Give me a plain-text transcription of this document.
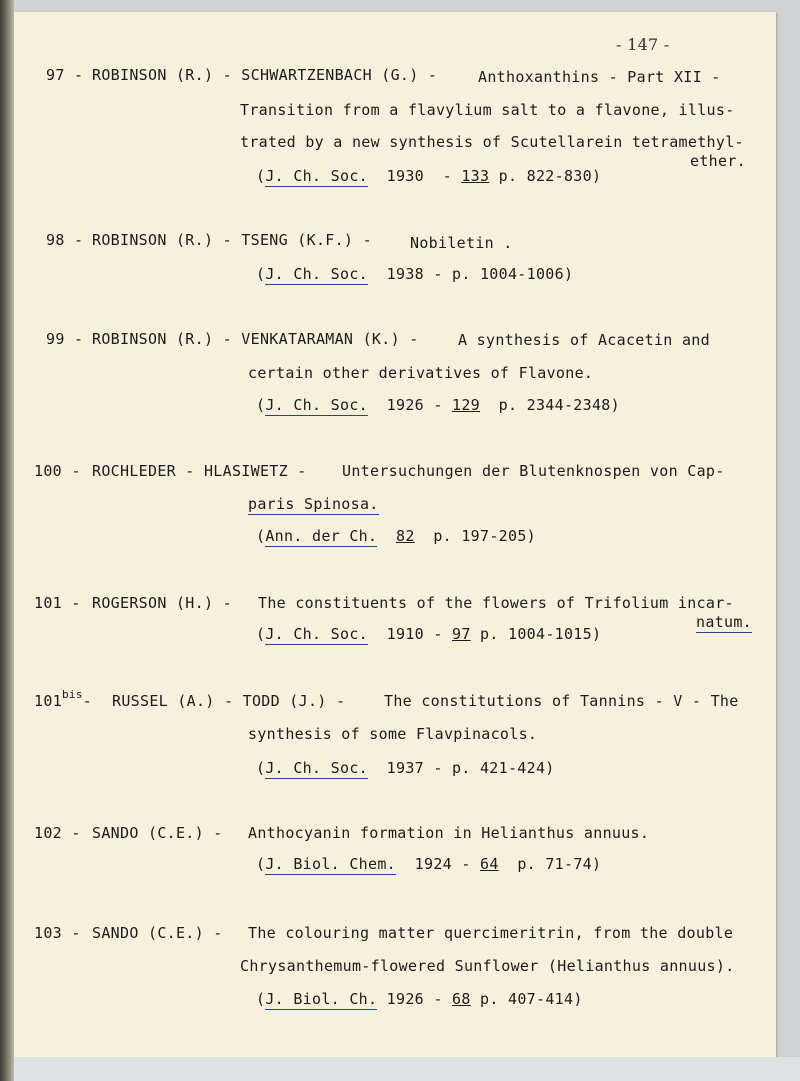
- 147 -
97 - ROBINSON (R.) - SCHWARTZENBACH (G.) -	Anthoxanthins - Part XII -
Transition from a flavylium salt to a flavone, illus-
trated by a new synthesis of Scutellarein tetramethyl-
ether.
(J. Ch. Soc. 1930  - 133 p. 822-830)
98 - ROBINSON (R.) - TSENG (K.F.) -	Nobiletin .
(J. Ch. Soc. 1938 - p. 1004-1006)
99 - ROBINSON (R.) - VENKATARAMAN (K.) -	A synthesis of Acacetin and
certain other derivatives of Flavone.
(J. Ch. Soc. 1926 - 129 p. 2344-2348)
100 - ROCHLEDER - HLASIWETZ - Untersuchungen der Blutenknospen von Cap-
paris Spinosa.
(Ann. der Ch. 82 p. 197-205)
101 - ROGERSON (H.) - The constituents of the flowers of Trifolium incar-
natum.
(J. Ch. Soc. 1910 - 97 p. 1004-1015)
$101^{bis}-$ RUSSEL (A.) - TODD (J.) -	The constitutions of Tannins - V - The
synthesis of some Flavpinacols.
(J. Ch. Soc. 1937 - p. 421-424)
102 - SANDO (C.E.) - Anthocyanin formation in Helianthus annuus.
(J. Biol. Chem. 1924 - 64 p. 71-74)
103 - SANDO (C.E.) - The colouring matter quercimeritrin, from the double
Chrysanthemum-flowered Sunflower (Helianthus annuus).
(J. Biol. Ch. 1926 - 68 p. 407-414)
